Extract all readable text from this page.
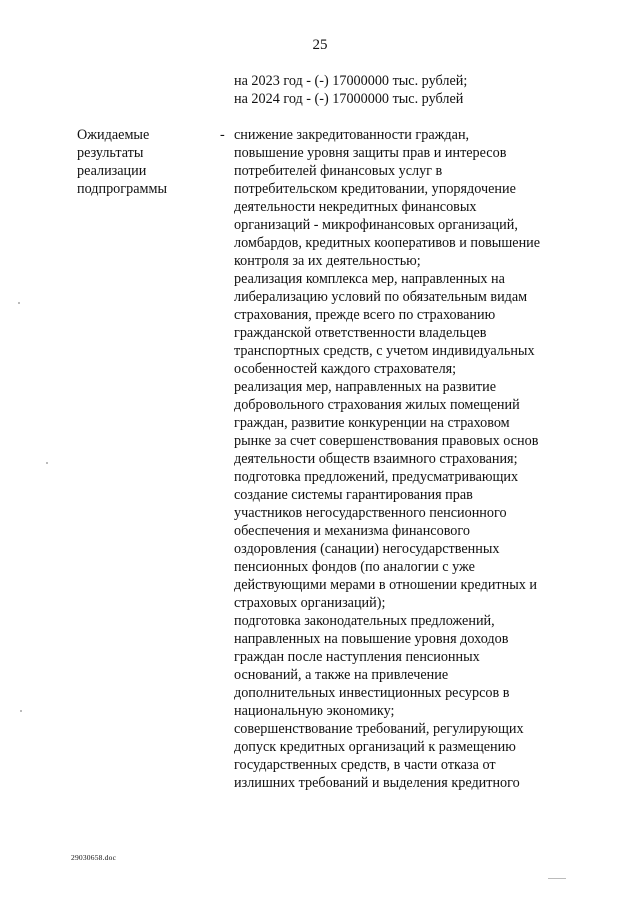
25
на 2023 год - (-) 17000000 тыс. рублей;
на 2024 год - (-) 17000000 тыс. рублей
Ожидаемые
результаты
реализации
подпрограммы
- снижение закредитованности граждан,
повышение уровня защиты прав и интересов
потребителей финансовых услуг в
потребительском кредитовании, упорядочение
деятельности некредитных финансовых
организаций - микрофинансовых организаций,
ломбардов, кредитных кооперативов и повышение
контроля за их деятельностью;
реализация комплекса мер, направленных на
либерализацию условий по обязательным видам
страхования, прежде всего по страхованию
гражданской ответственности владельцев
транспортных средств, с учетом индивидуальных
особенностей каждого страхователя;
реализация мер, направленных на развитие
добровольного страхования жилых помещений
граждан, развитие конкуренции на страховом
рынке за счет совершенствования правовых основ
деятельности обществ взаимного страхования;
подготовка предложений, предусматривающих
создание системы гарантирования прав
участников негосударственного пенсионного
обеспечения и механизма финансового
оздоровления (санации) негосударственных
пенсионных фондов (по аналогии с уже
действующими мерами в отношении кредитных и
страховых организаций);
подготовка законодательных предложений,
направленных на повышение уровня доходов
граждан после наступления пенсионных
оснований, а также на привлечение
дополнительных инвестиционных ресурсов в
национальную экономику;
совершенствование требований, регулирующих
допуск кредитных организаций к размещению
государственных средств, в части отказа от
излишних требований и выделения кредитного
29030658.doc
